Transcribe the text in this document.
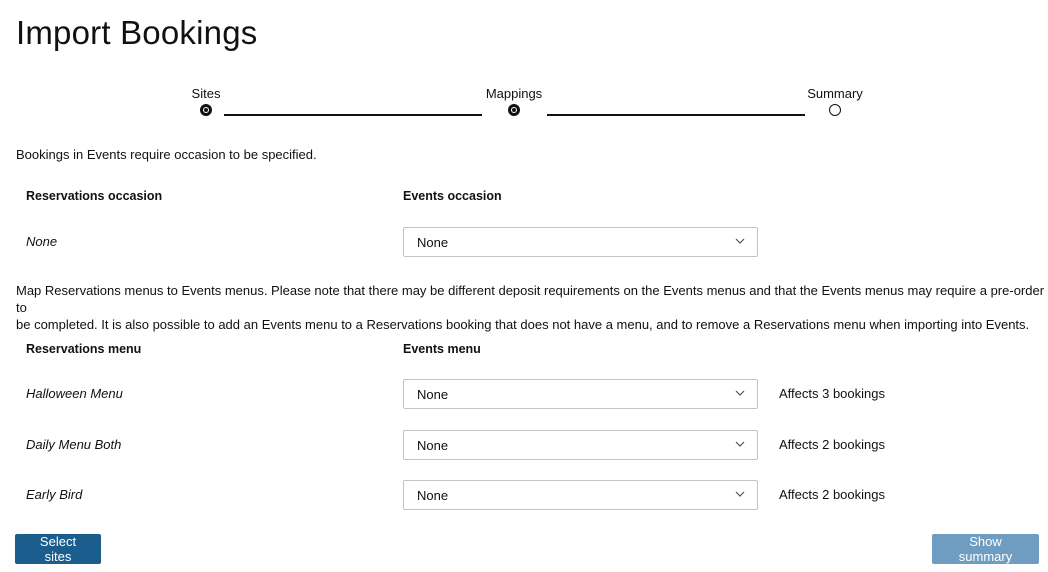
Import Bookings
Sites	Mappings	Summary
Bookings in Events require occasion to be specified.
Reservations occasion	Events occasion
None	None
Map Reservations menus to Events menus. Please note that there may be different deposit requirements on the Events menus and that the Events menus may require a pre-order to
be completed. It is also possible to add an Events menu to a Reservations booking that does not have a menu, and to remove a Reservations menu when importing into Events.
Reservations menu	Events menu
Halloween Menu	None	Affects 3 bookings
Daily Menu Both	None	Affects 2 bookings
Early Bird	None	Affects 2 bookings
Select sites
Show summary
